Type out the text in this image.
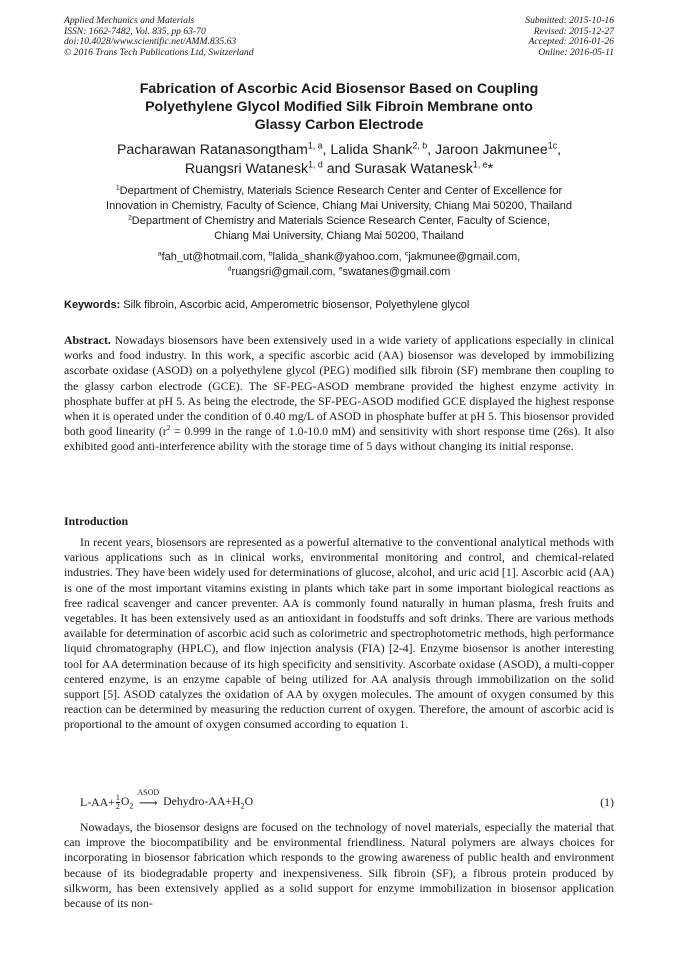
Applied Mechanics and Materials
ISSN: 1662-7482, Vol. 835, pp 63-70
doi:10.4028/www.scientific.net/AMM.835.63
© 2016 Trans Tech Publications Ltd, Switzerland
Submitted: 2015-10-16
Revised: 2015-12-27
Accepted: 2016-01-26
Online: 2016-05-11
Fabrication of Ascorbic Acid Biosensor Based on Coupling
Polyethylene Glycol Modified Silk Fibroin Membrane onto
Glassy Carbon Electrode
Pacharawan Ratanasongtham$^{1, a}$, Lalida Shank$^{2, b}$, Jaroon Jakmunee$^{1c}$,
Ruangsri Watanesk$^{1, d}$ and Surasak Watanesk$^{1, e}$*
$^1$Department of Chemistry, Materials Science Research Center and Center of Excellence for
Innovation in Chemistry, Faculty of Science, Chiang Mai University, Chiang Mai 50200, Thailand
$^2$Department of Chemistry and Materials Science Research Center, Faculty of Science,
Chiang Mai University, Chiang Mai 50200, Thailand
$^a$fah_ut@hotmail.com, $^b$lalida_shank@yahoo.com, $^c$jakmunee@gmail.com,
$^d$ruangsri@gmail.com, $^e$swatanes@gmail.com
Keywords: Silk fibroin, Ascorbic acid, Amperometric biosensor, Polyethylene glycol
Abstract. Nowadays biosensors have been extensively used in a wide variety of applications especially in clinical works and food industry. In this work, a specific ascorbic acid (AA) biosensor was developed by immobilizing ascorbate oxidase (ASOD) on a polyethylene glycol (PEG) modified silk fibroin (SF) membrane then coupling to the glassy carbon electrode (GCE). The SF-PEG-ASOD membrane provided the highest enzyme activity in phosphate buffer at pH 5. As being the electrode, the SF-PEG-ASOD modified GCE displayed the highest response when it is operated under the condition of 0.40 mg/L of ASOD in phosphate buffer at pH 5. This biosensor provided both good linearity ($r^2 = 0.999$ in the range of 1.0-10.0 mM) and sensitivity with short response time (26s). It also exhibited good anti-interference ability with the storage time of 5 days without changing its initial response.
Introduction
In recent years, biosensors are represented as a powerful alternative to the conventional analytical methods with various applications such as in clinical works, environmental monitoring and control, and chemical-related industries. They have been widely used for determinations of glucose, alcohol, and uric acid [1]. Ascorbic acid (AA) is one of the most important vitamins existing in plants which take part in some important biological reactions as free radical scavenger and cancer preventer. AA is commonly found naturally in human plasma, fresh fruits and vegetables. It has been extensively used as an antioxidant in foodstuffs and soft drinks. There are various methods available for determination of ascorbic acid such as colorimetric and spectrophotometric methods, high performance liquid chromatography (HPLC), and flow injection analysis (FIA) [2-4]. Enzyme biosensor is another interesting tool for AA determination because of its high specificity and sensitivity. Ascorbate oxidase (ASOD), a multi-copper centered enzyme, is an enzyme capable of being utilized for AA analysis through immobilization on the solid support [5]. ASOD catalyzes the oxidation of AA by oxygen molecules. The amount of oxygen consumed by this reaction can be determined by measuring the reduction current of oxygen. Therefore, the amount of ascorbic acid is proportional to the amount of oxygen consumed according to equation 1.
$L-AA+ \frac{1}{2} O_2$
ASOD
⟶ Dehydro-$AA+H_2O$	(1)
Nowadays, the biosensor designs are focused on the technology of novel materials, especially the material that can improve the biocompatibility and be environmental friendliness. Natural polymers are always choices for incorporating in biosensor fabrication which responds to the growing awareness of public health and environment because of its biodegradable property and inexpensiveness. Silk fibroin (SF), a fibrous protein produced by silkworm, has been extensively applied as a solid support for enzyme immobilization in biosensor application because of its non-
